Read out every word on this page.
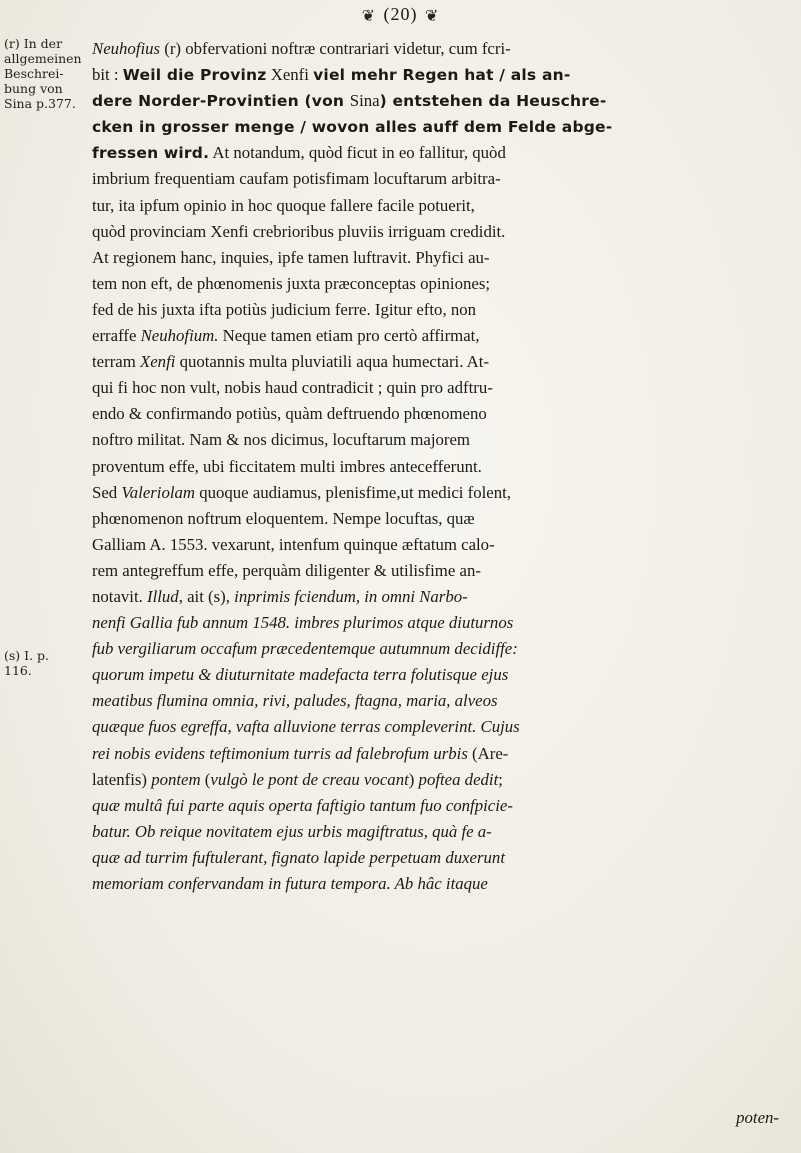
❦ (20) ❦
(r) In der
allgemeinen
Beschrei-
bung von
Sina p.377.
(s) I. p.
116.
Neuhofius (r) obfervationi noftræ contrariari videtur, cum fcri-
bit : Weil die Provinz Xenfi viel mehr Regen hat / als an-
dere Norder-Provintien (von Sina) entstehen da Heuschre-
cken in grosser menge / wovon alles auff dem Felde abge-
fressen wird. At notandum, quòd ficut in eo fallitur, quòd
imbrium frequentiam caufam potisfimam locuftarum arbitra-
tur, ita ipfum opinio in hoc quoque fallere facile potuerit,
quòd provinciam Xenfi crebrioribus pluviis irriguam credidit.
At regionem hanc, inquies, ipfe tamen luftravit. Phyfici au-
tem non eft, de phœnomenis juxta præconceptas opiniones;
fed de his juxta ifta potiùs judicium ferre. Igitur efto, non
erraffe Neuhofium. Neque tamen etiam pro certò affirmat,
terram Xenfi quotannis multa pluviatili aqua humectari. At-
qui fi hoc non vult, nobis haud contradicit ; quin pro adftru-
endo & confirmando potiùs, quàm deftruendo phœnomeno
noftro militat. Nam & nos dicimus, locuftarum majorem
proventum effe, ubi ficcitatem multi imbres antecefferunt.
Sed Valeriolam quoque audiamus, plenisfime,ut medici folent,
phœnomenon noftrum eloquentem. Nempe locuftas, quæ
Galliam A. 1553. vexarunt, intenfum quinque æftatum calo-
rem antegreffum effe, perquàm diligenter & utilisfime an-
notavit. Illud, ait (s), inprimis fciendum, in omni Narbo-
nenfi Gallia fub annum 1548. imbres plurimos atque diuturnos
fub vergiliarum occafum præcedentemque autumnum decidiffe:
quorum impetu & diuturnitate madefacta terra folutisque ejus
meatibus flumina omnia, rivi, paludes, ftagna, maria, alveos
quæque fuos egreffa, vafta alluvione terras compleverint. Cujus
rei nobis evidens teftimonium turris ad falebrofum urbis (Are-
latenfis) pontem (vulgò le pont de creau vocant) poftea dedit;
quæ multâ fui parte aquis operta faftigio tantum fuo confpicie-
batur. Ob reique novitatem ejus urbis magiftratus, quà fe a-
quæ ad turrim fuftulerant, fignato lapide perpetuam duxerunt
memoriam confervandam in futura tempora. Ab hâc itaque
poten-
